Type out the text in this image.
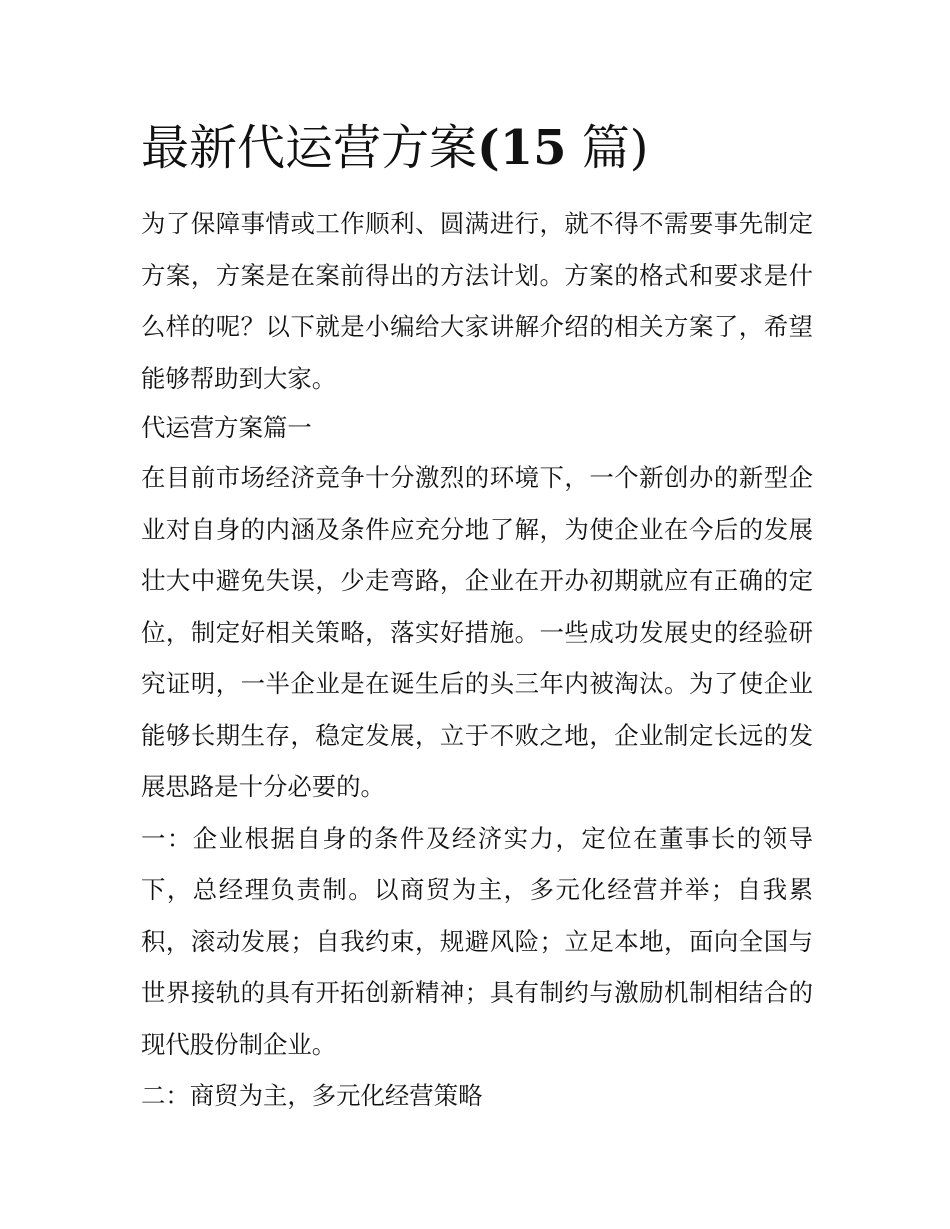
最新代运营方案(15 篇)

为了保障事情或工作顺利、圆满进行，就不得不需要事先制定方案，方案是在案前得出的方法计划。方案的格式和要求是什么样的呢？以下就是小编给大家讲解介绍的相关方案了，希望能够帮助到大家。

代运营方案篇一

在目前市场经济竞争十分激烈的环境下，一个新创办的新型企业对自身的内涵及条件应充分地了解，为使企业在今后的发展壮大中避免失误，少走弯路，企业在开办初期就应有正确的定位，制定好相关策略，落实好措施。一些成功发展史的经验研究证明，一半企业是在诞生后的头三年内被淘汰。为了使企业能够长期生存，稳定发展，立于不败之地，企业制定长远的发展思路是十分必要的。

一：企业根据自身的条件及经济实力，定位在董事长的领导下，总经理负责制。以商贸为主，多元化经营并举；自我累积，滚动发展；自我约束，规避风险；立足本地，面向全国与世界接轨的具有开拓创新精神；具有制约与激励机制相结合的现代股份制企业。

二：商贸为主，多元化经营策略
